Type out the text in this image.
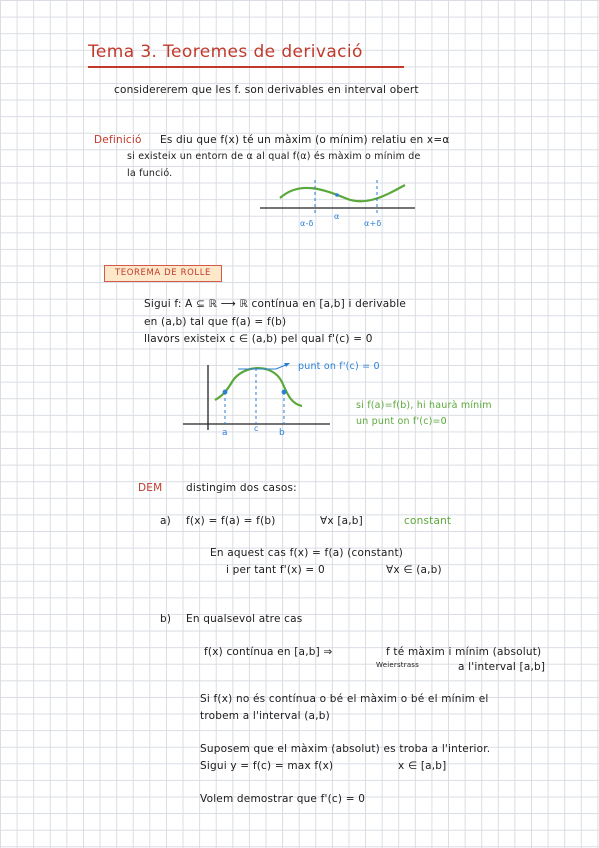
Tema 3. Teoremes de derivació
considererem que les f. son derivables en interval obert
Definició Es diu que f(x) té un màxim (o mínim) relatiu en x=α
si existeix un entorn de α al qual f(α) és màxim o mínim de
la funció.
α-δ
α
α+δ
TEOREMA DE ROLLE
Sigui f: A ⊆ ℝ ⟶ ℝ contínua en [a,b] i derivable
en (a,b) tal que f(a) = f(b)
llavors existeix c ∈ (a,b) pel qual f'(c) = 0
punt on f'(c) = 0
si f(a)=f(b), hi haurà mínim
un punt on f'(c)=0
a	c b
DEM distingim dos casos:
a) f(x) = f(a) = f(b)	∀x [a,b]	constant
En aquest cas f(x) = f(a) (constant)
i per tant f'(x) = 0	∀x ∈ (a,b)
b) En qualsevol atre cas
f(x) contínua en [a,b] ⇒	f té màxim i mínim (absolut)
Weierstrass	a l'interval [a,b]
Si f(x) no és contínua o bé el màxim o bé el mínim el
trobem a l'interval (a,b)
Suposem que el màxim (absolut) es troba a l'interior.
Sigui y = f(c) = max f(x)	x ∈ [a,b]
Volem demostrar que f'(c) = 0
